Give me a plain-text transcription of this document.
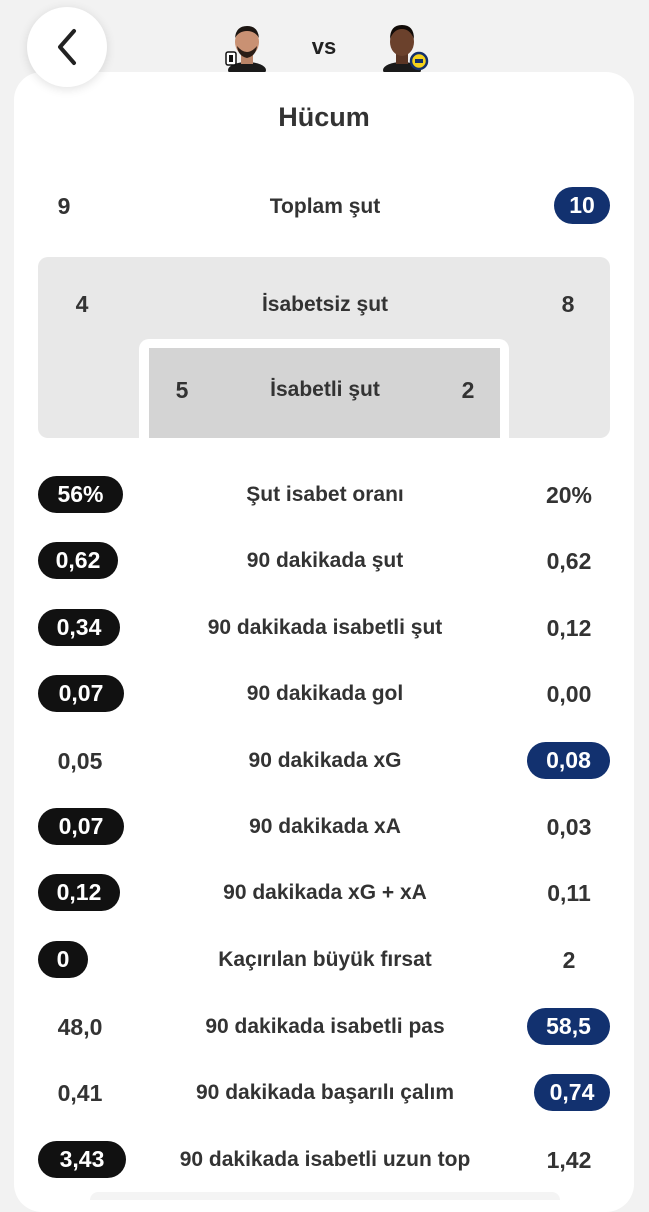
vs
Hücum
9	Toplam şut	10
4	İsabetsiz şut	8
5	İsabetli şut	2
56%	Şut isabet oranı	20%
0,62	90 dakikada şut	0,62
0,34	90 dakikada isabetli şut	0,12
0,07	90 dakikada gol	0,00
0,05	90 dakikada xG	0,08
0,07	90 dakikada xA	0,03
0,12	90 dakikada xG + xA	0,11
0	Kaçırılan büyük fırsat	2
48,0	90 dakikada isabetli pas	58,5
0,41	90 dakikada başarılı çalım	0,74
3,43	90 dakikada isabetli uzun top	1,42
